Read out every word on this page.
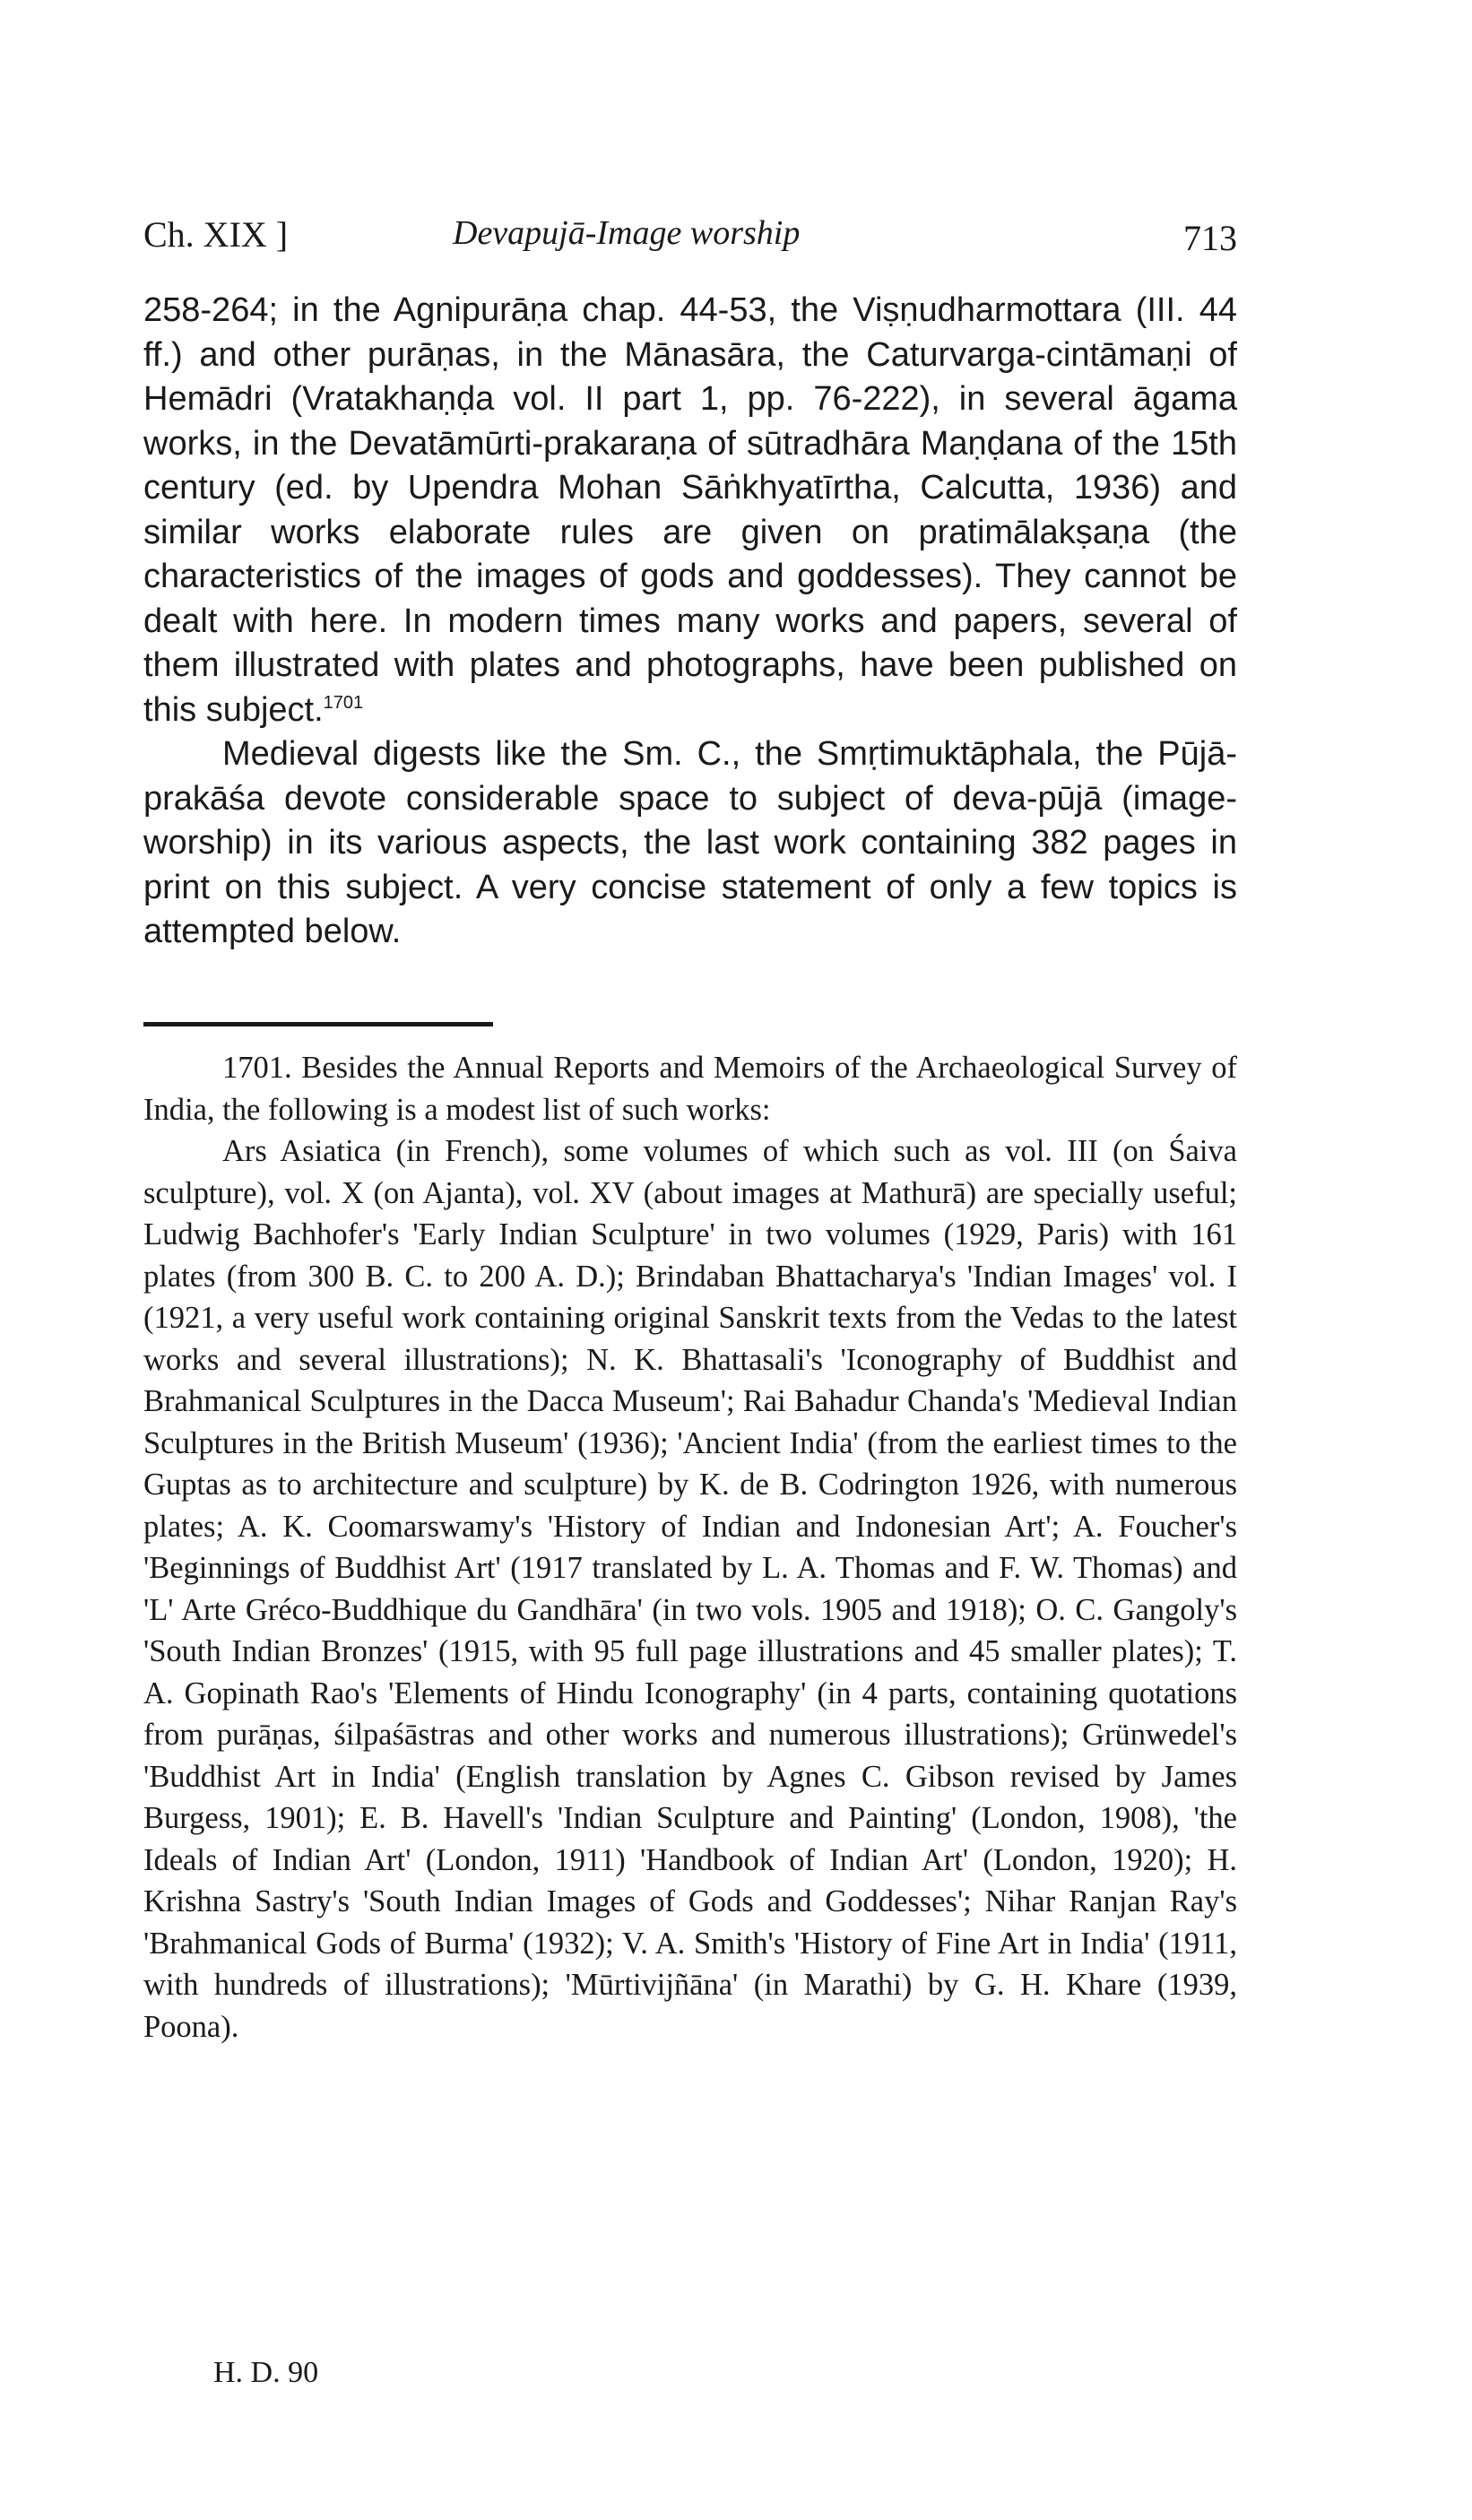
Ch. XIX ]	Devapujā-Image worship	713

258-264; in the Agnipurāṇa chap. 44-53, the Viṣṇudharmottara (III. 44 ff.) and other purāṇas, in the Mānasāra, the Caturvarga-cintāmaṇi of Hemādri (Vratakhaṇḍa vol. II part 1, pp. 76-222), in several āgama works, in the Devatāmūrti-prakaraṇa of sūtradhāra Maṇḍana of the 15th century (ed. by Upendra Mohan Sāṅkhyatīrtha, Calcutta, 1936) and similar works elaborate rules are given on pratimālakṣaṇa (the characteristics of the images of gods and goddesses). They cannot be dealt with here. In modern times many works and papers, several of them illustrated with plates and photographs, have been published on this subject.$^{1701}$

Medieval digests like the Sm. C., the Smṛtimuktāphala, the Pūjā-prakāśa devote considerable space to subject of deva-pūjā (image-worship) in its various aspects, the last work containing 382 pages in print on this subject. A very concise statement of only a few topics is attempted below.

1701. Besides the Annual Reports and Memoirs of the Archaeological Survey of India, the following is a modest list of such works:

Ars Asiatica (in French), some volumes of which such as vol. III (on Śaiva sculpture), vol. X (on Ajanta), vol. XV (about images at Mathurā) are specially useful; Ludwig Bachhofer's 'Early Indian Sculpture' in two volumes (1929, Paris) with 161 plates (from 300 B. C. to 200 A. D.); Brindaban Bhattacharya's 'Indian Images' vol. I (1921, a very useful work containing original Sanskrit texts from the Vedas to the latest works and several illustrations); N. K. Bhattasali's 'Iconography of Buddhist and Brahmanical Sculptures in the Dacca Museum'; Rai Bahadur Chanda's 'Medieval Indian Sculptures in the British Museum' (1936); 'Ancient India' (from the earliest times to the Guptas as to architecture and sculpture) by K. de B. Codrington 1926, with numerous plates; A. K. Coomarswamy's 'History of Indian and Indonesian Art'; A. Foucher's 'Beginnings of Buddhist Art' (1917 translated by L. A. Thomas and F. W. Thomas) and 'L' Arte Gréco-Buddhique du Gandhāra' (in two vols. 1905 and 1918); O. C. Gangoly's 'South Indian Bronzes' (1915, with 95 full page illustrations and 45 smaller plates); T. A. Gopinath Rao's 'Elements of Hindu Iconography' (in 4 parts, containing quotations from purāṇas, śilpaśāstras and other works and numerous illustrations); Grünwedel's 'Buddhist Art in India' (English translation by Agnes C. Gibson revised by James Burgess, 1901); E. B. Havell's 'Indian Sculpture and Painting' (London, 1908), 'the Ideals of Indian Art' (London, 1911) 'Handbook of Indian Art' (London, 1920); H. Krishna Sastry's 'South Indian Images of Gods and Goddesses'; Nihar Ranjan Ray's 'Brahmanical Gods of Burma' (1932); V. A. Smith's 'History of Fine Art in India' (1911, with hundreds of illustrations); 'Mūrtivijñāna' (in Marathi) by G. H. Khare (1939, Poona).

H. D. 90
